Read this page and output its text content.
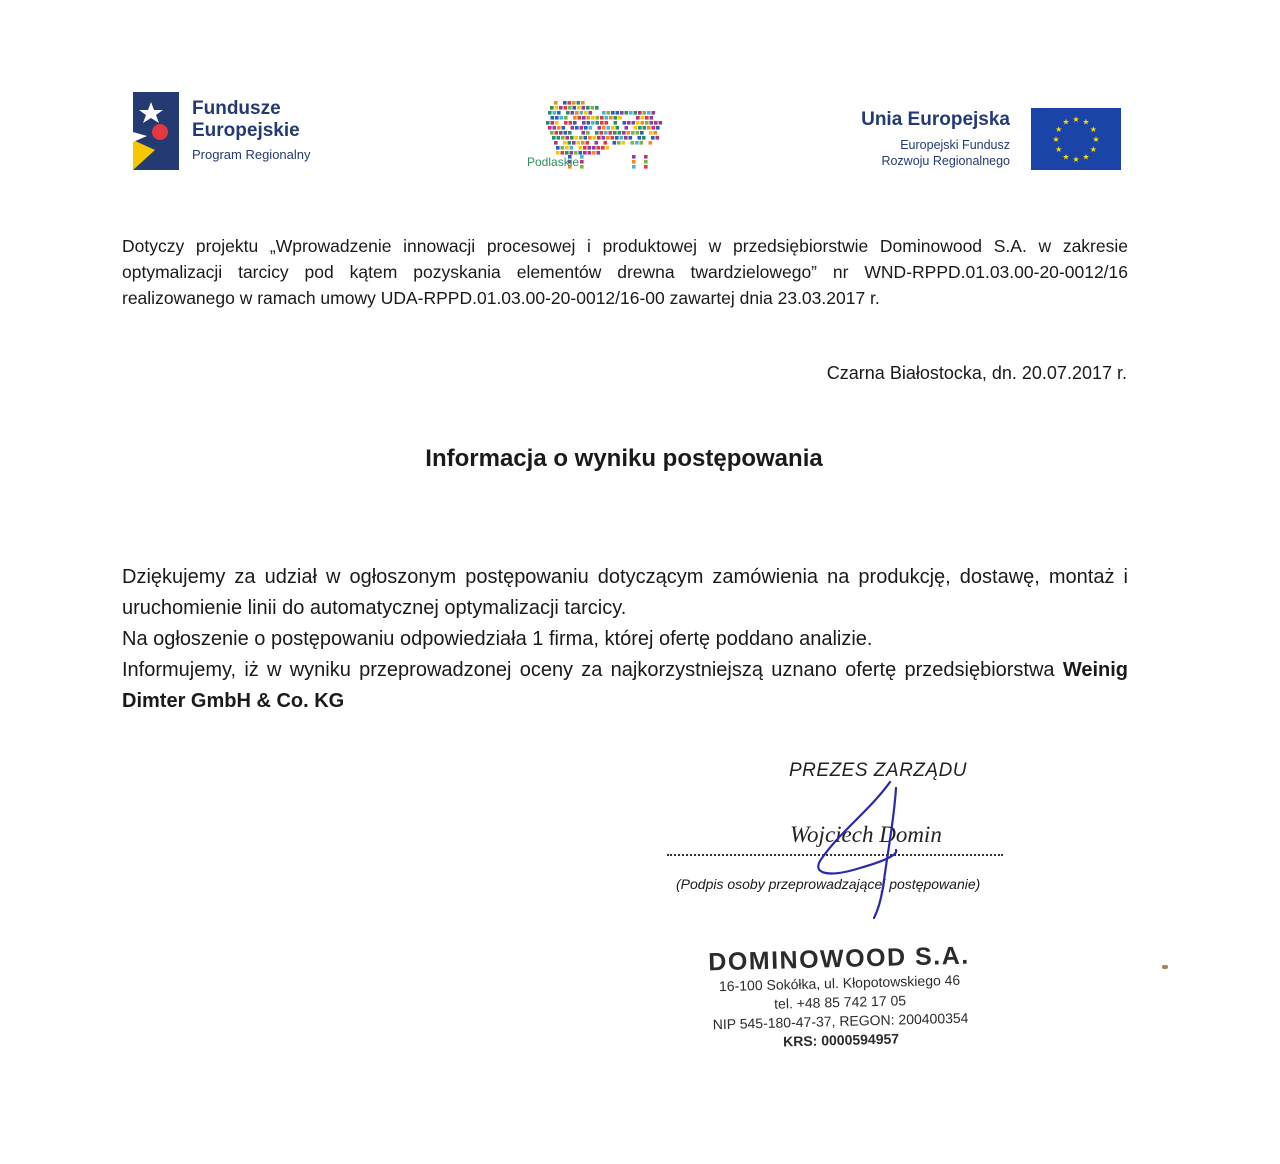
Fundusze
Europejskie
Program Regionalny	Podlaskie
Unia Europejska
Europejski Fundusz
Rozwoju Regionalnego
★ ★
★
★
★
★
★
★
★
★
★
★
Dotyczy projektu „Wprowadzenie innowacji procesowej i produktowej w przedsiębiorstwie Dominowood S.A. w zakresie optymalizacji tarcicy pod kątem pozyskania elementów drewna twardzielowego” nr WND-RPPD.01.03.00-20-0012/16 realizowanego w ramach umowy UDA-RPPD.01.03.00-20-0012/16-00 zawartej dnia 23.03.2017 r.
Czarna Białostocka, dn. 20.07.2017 r.
Informacja o wyniku postępowania

Dziękujemy za udział w ogłoszonym postępowaniu dotyczącym zamówienia na produkcję, dostawę, montaż i uruchomienie linii do automatycznej optymalizacji tarcicy.

Na ogłoszenie o postępowaniu odpowiedziała 1 firma, której ofertę poddano analizie.

Informujemy, iż w wyniku przeprowadzonej oceny za najkorzystniejszą uznano ofertę przedsiębiorstwa Weinig Dimter GmbH & Co. KG

PREZES ZARZĄDU
Wojciech Domin
(Podpis osoby przeprowadzającej postępowanie)
DOMINOWOOD S.A.
16-100 Sokółka, ul. Kłopotowskiego 46
tel. +48 85 742 17 05
NIP 545-180-47-37, REGON: 200400354
KRS: 0000594957
